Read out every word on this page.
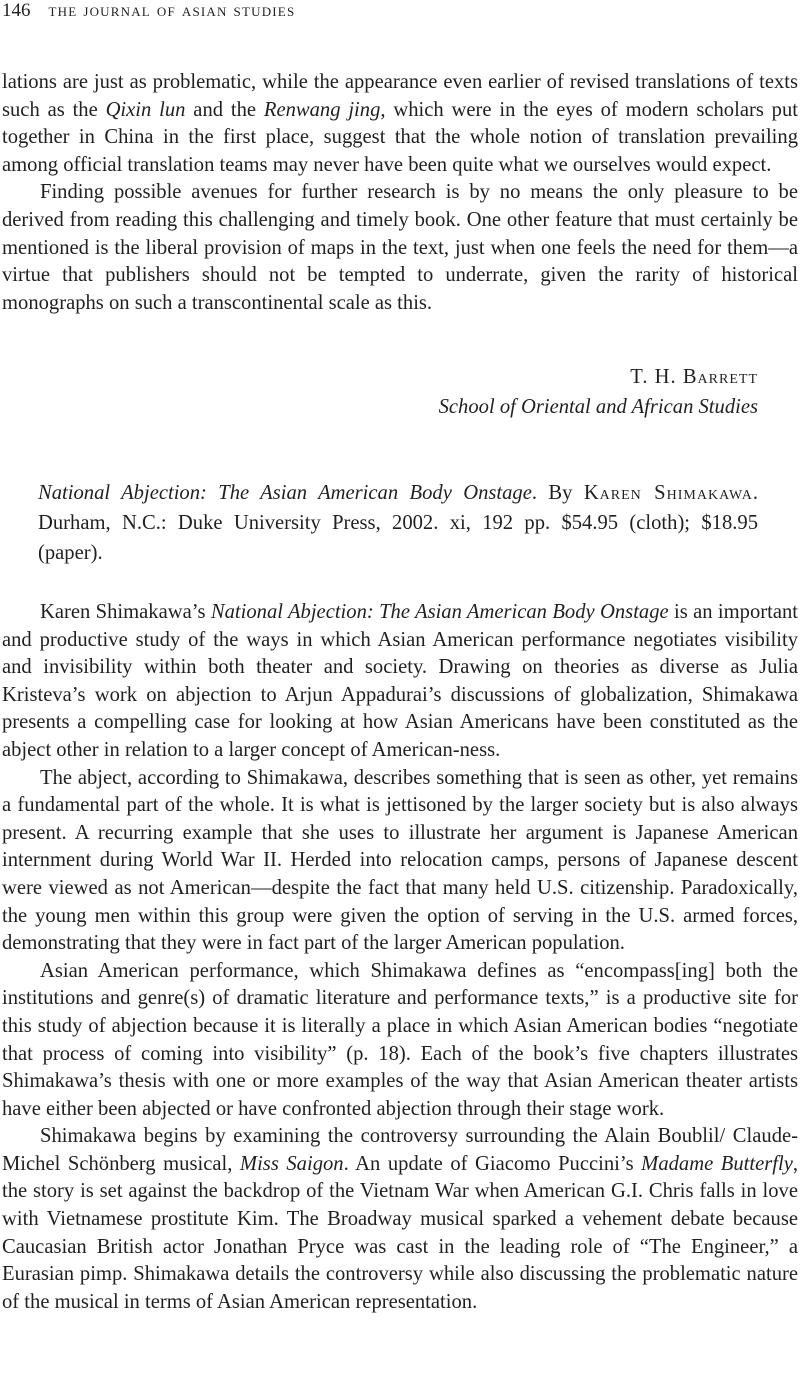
146 the journal of asian studies

lations are just as problematic, while the appearance even earlier of revised translations of texts such as the Qixin lun and the Renwang jing, which were in the eyes of modern scholars put together in China in the first place, suggest that the whole notion of translation prevailing among official translation teams may never have been quite what we ourselves would expect.

Finding possible avenues for further research is by no means the only pleasure to be derived from reading this challenging and timely book. One other feature that must certainly be mentioned is the liberal provision of maps in the text, just when one feels the need for them—a virtue that publishers should not be tempted to underrate, given the rarity of historical monographs on such a transcontinental scale as this.

T. H. Barrett
School of Oriental and African Studies
National Abjection: The Asian American Body Onstage. By Karen Shimakawa. Durham, N.C.: Duke University Press, 2002. xi, 192 pp. $54.95 (cloth); $18.95 (paper).

Karen Shimakawa’s National Abjection: The Asian American Body Onstage is an important and productive study of the ways in which Asian American performance negotiates visibility and invisibility within both theater and society. Drawing on theories as diverse as Julia Kristeva’s work on abjection to Arjun Appadurai’s discussions of globalization, Shimakawa presents a compelling case for looking at how Asian Americans have been constituted as the abject other in relation to a larger concept of American-ness.

The abject, according to Shimakawa, describes something that is seen as other, yet remains a fundamental part of the whole. It is what is jettisoned by the larger society but is also always present. A recurring example that she uses to illustrate her argument is Japanese American internment during World War II. Herded into relocation camps, persons of Japanese descent were viewed as not American—despite the fact that many held U.S. citizenship. Paradoxically, the young men within this group were given the option of serving in the U.S. armed forces, demonstrating that they were in fact part of the larger American population.

Asian American performance, which Shimakawa defines as “encompass[ing] both the institutions and genre(s) of dramatic literature and performance texts,” is a productive site for this study of abjection because it is literally a place in which Asian American bodies “negotiate that process of coming into visibility” (p. 18). Each of the book’s five chapters illustrates Shimakawa’s thesis with one or more examples of the way that Asian American theater artists have either been abjected or have confronted abjection through their stage work.

Shimakawa begins by examining the controversy surrounding the Alain Boublil/ Claude-Michel Schönberg musical, Miss Saigon. An update of Giacomo Puccini’s Madame Butterfly, the story is set against the backdrop of the Vietnam War when American G.I. Chris falls in love with Vietnamese prostitute Kim. The Broadway musical sparked a vehement debate because Caucasian British actor Jonathan Pryce was cast in the leading role of “The Engineer,” a Eurasian pimp. Shimakawa details the controversy while also discussing the problematic nature of the musical in terms of Asian American representation.
